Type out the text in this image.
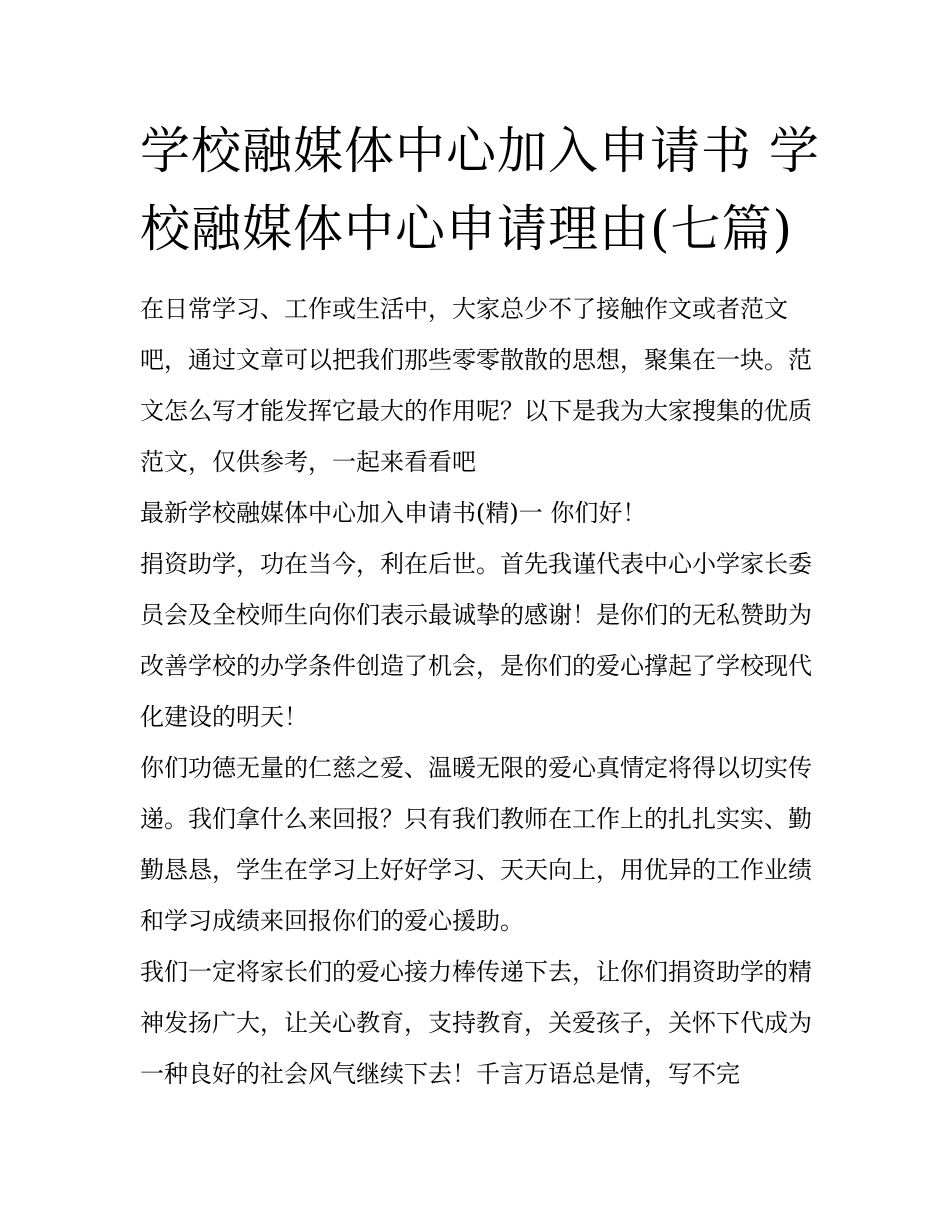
学校融媒体中心加入申请书 学校融媒体中心申请理由(七篇)

在日常学习、工作或生活中，大家总少不了接触作文或者范文吧，通过文章可以把我们那些零零散散的思想，聚集在一块。范文怎么写才能发挥它最大的作用呢？以下是我为大家搜集的优质范文，仅供参考，一起来看看吧

最新学校融媒体中心加入申请书(精)一 你们好！

捐资助学，功在当今，利在后世。首先我谨代表中心小学家长委员会及全校师生向你们表示最诚挚的感谢！是你们的无私赞助为改善学校的办学条件创造了机会，是你们的爱心撑起了学校现代化建设的明天！

你们功德无量的仁慈之爱、温暖无限的爱心真情定将得以切实传递。我们拿什么来回报？只有我们教师在工作上的扎扎实实、勤勤恳恳，学生在学习上好好学习、天天向上，用优异的工作业绩和学习成绩来回报你们的爱心援助。

我们一定将家长们的爱心接力棒传递下去，让你们捐资助学的精神发扬广大，让关心教育，支持教育，关爱孩子，关怀下代成为一种良好的社会风气继续下去！千言万语总是情，写不完
